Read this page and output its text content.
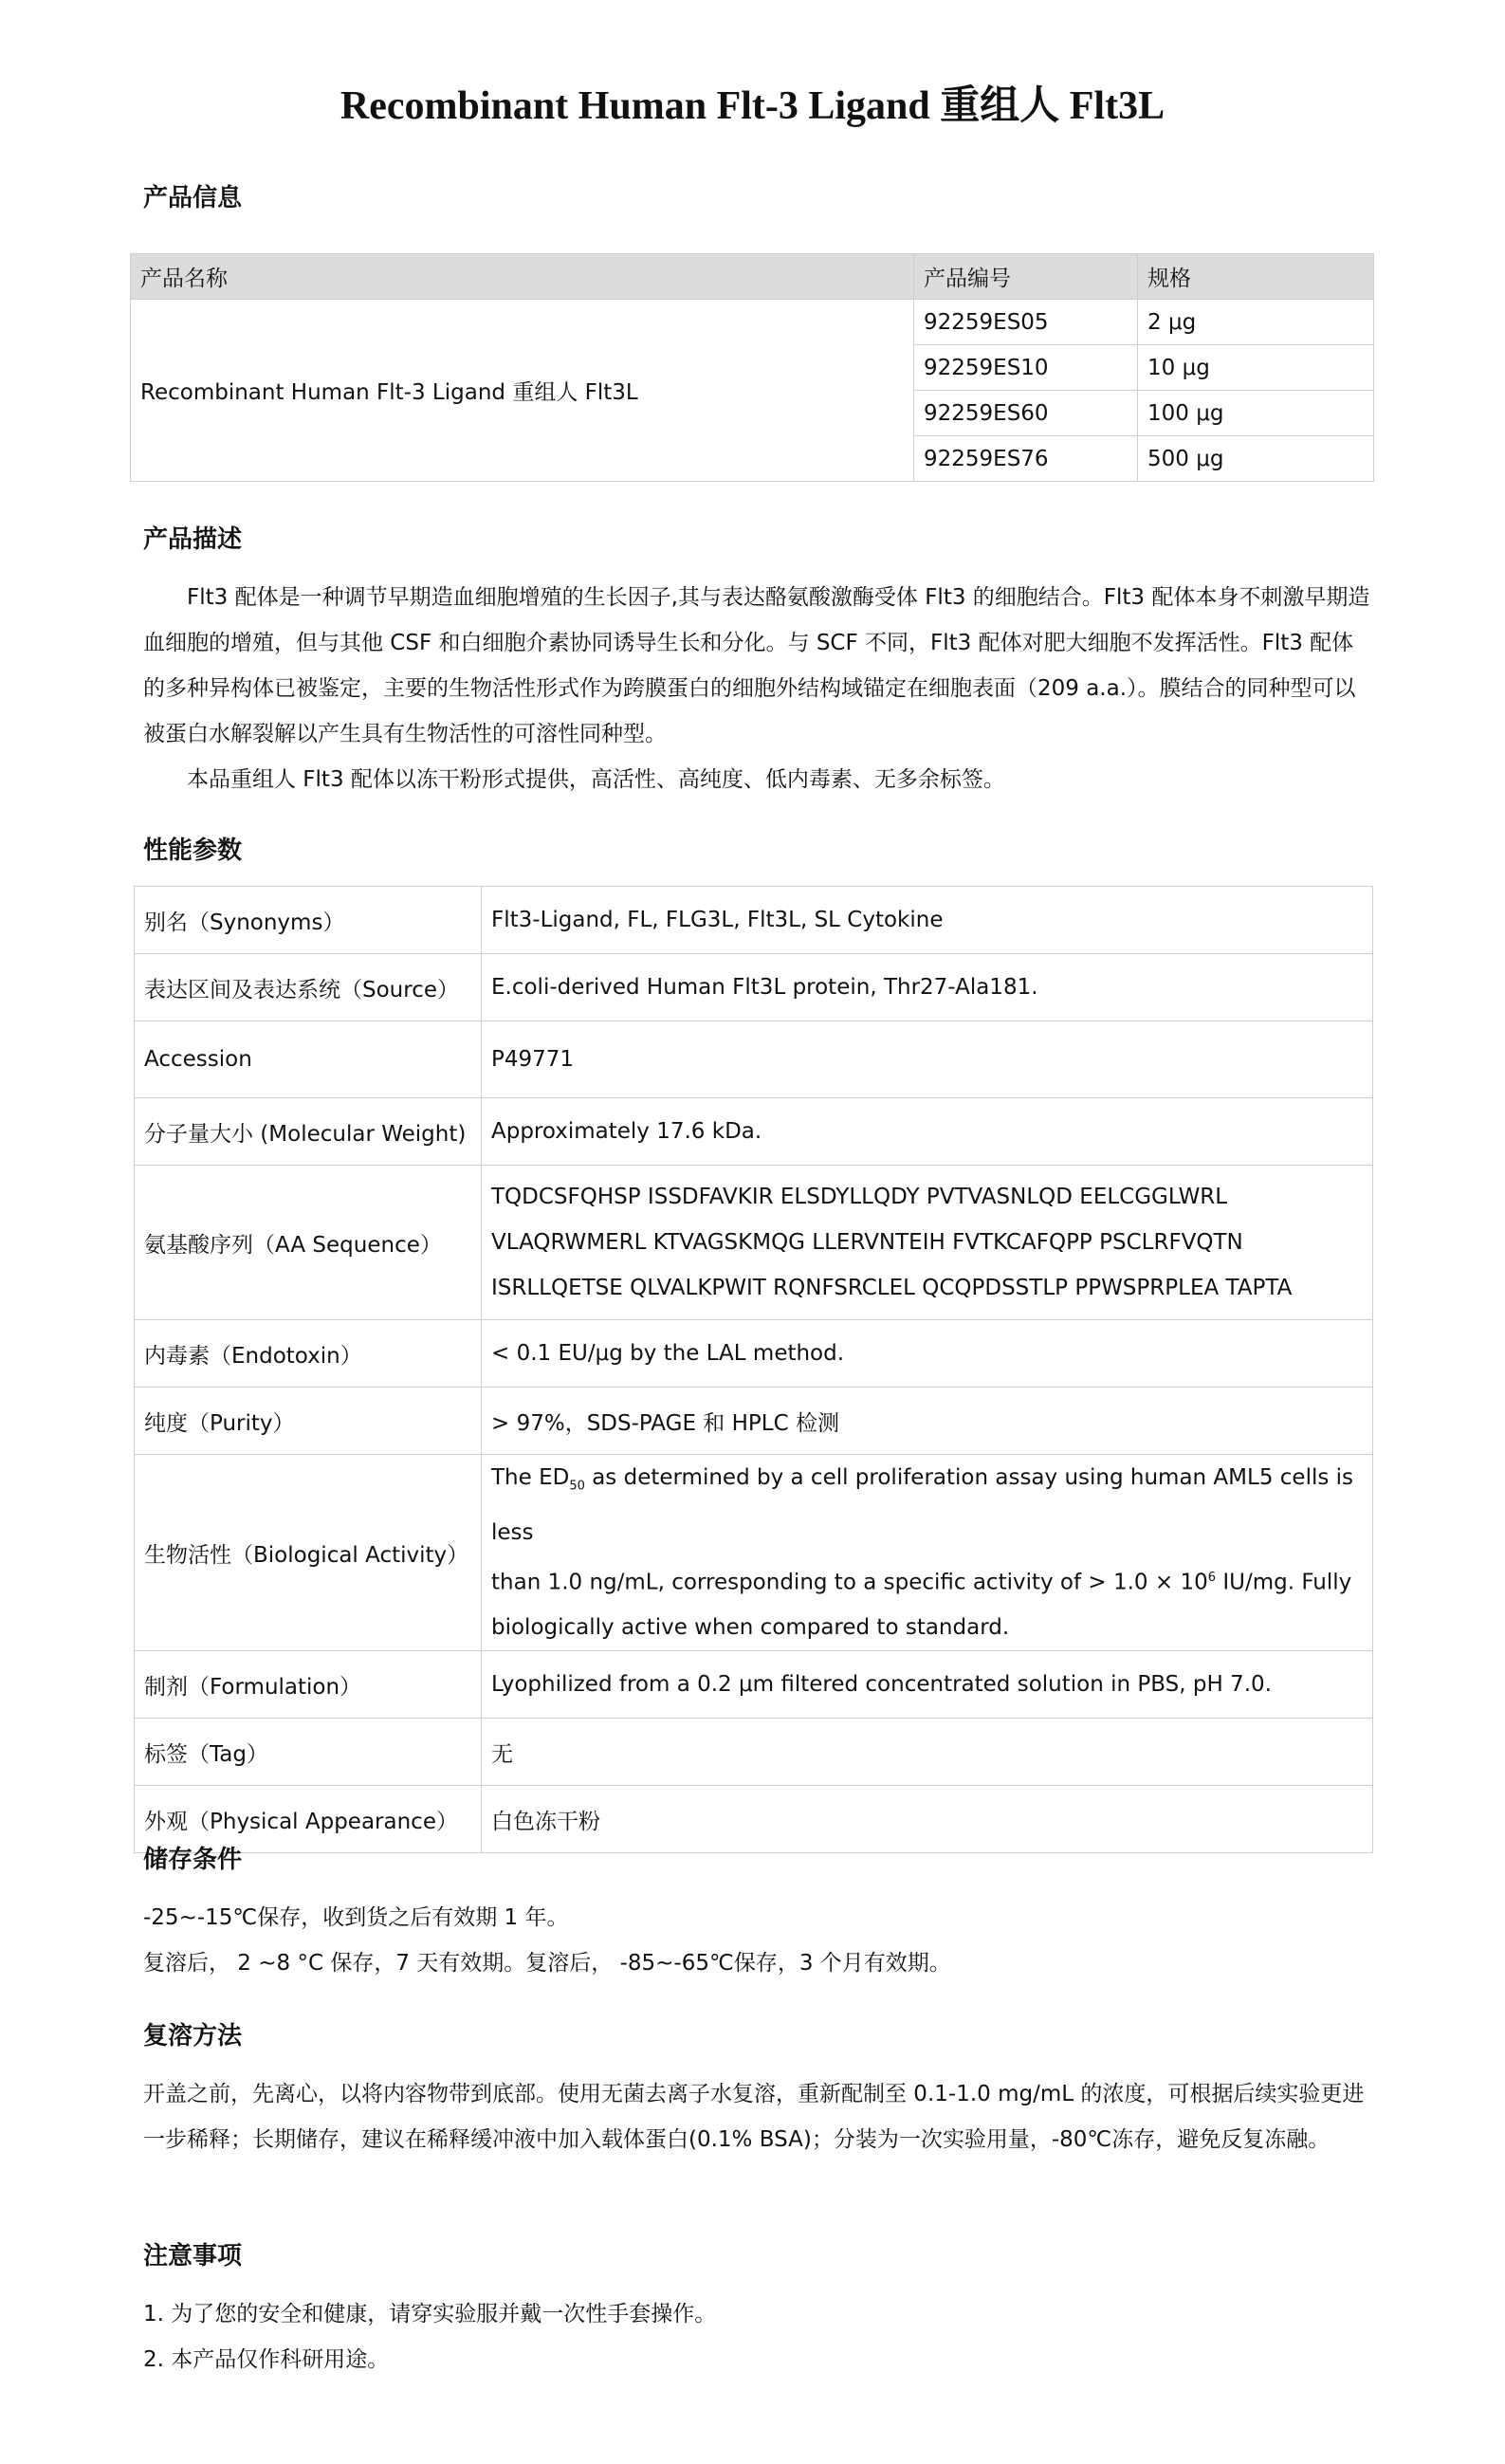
Recombinant Human Flt-3 Ligand 重组人 Flt3L
产品信息
产品名称	产品编号	规格
Recombinant Human Flt-3 Ligand 重组人 Flt3L	92259ES05	2 μg
	92259ES10	10 μg
	92259ES60	100 μg
	92259ES76	500 μg
产品描述

Flt3 配体是一种调节早期造血细胞增殖的生长因子,其与表达酪氨酸激酶受体 Flt3 的细胞结合。Flt3 配体本身不刺激早期造血细胞的增殖，但与其他 CSF 和白细胞介素协同诱导生长和分化。与 SCF 不同，Flt3 配体对肥大细胞不发挥活性。Flt3 配体的多种异构体已被鉴定，主要的生物活性形式作为跨膜蛋白的细胞外结构域锚定在细胞表面（209 a.a.）。膜结合的同种型可以被蛋白水解裂解以产生具有生物活性的可溶性同种型。

本品重组人 Flt3 配体以冻干粉形式提供，高活性、高纯度、低内毒素、无多余标签。

性能参数
别名（Synonyms）	Flt3-Ligand, FL, FLG3L, Flt3L, SL Cytokine
表达区间及表达系统（Source）	E.coli-derived Human Flt3L protein, Thr27-Ala181.
Accession	P49771
分子量大小 (Molecular Weight)	Approximately 17.6 kDa.
氨基酸序列（AA Sequence）	TQDCSFQHSP ISSDFAVKIR ELSDYLLQDY PVTVASNLQD EELCGGLWRL
VLAQRWMERL KTVAGSKMQG LLERVNTEIH FVTKCAFQPP PSCLRFVQTN
ISRLLQETSE QLVALKPWIT RQNFSRCLEL QCQPDSSTLP PPWSPRPLEA TAPTA

内毒素（Endotoxin）	< 0.1 EU/μg by the LAL method.
纯度（Purity）	> 97%，SDS-PAGE 和 HPLC 检测
生物活性（Biological Activity）	The $ED_{50}$ as determined by a cell proliferation assay using human AML5 cells is less
than 1.0 ng/mL, corresponding to a specific activity of > $1.0 \times 10^6$ IU/mg. Fully
biologically active when compared to standard.

制剂（Formulation）	Lyophilized from a 0.2 μm filtered concentrated solution in PBS, pH 7.0.
标签（Tag）	无
外观（Physical Appearance）	白色冻干粉
储存条件

-25~-15℃保存，收到货之后有效期 1 年。

复溶后， 2 ~8 °C 保存，7 天有效期。复溶后， -85~-65℃保存，3 个月有效期。

复溶方法

开盖之前，先离心，以将内容物带到底部。使用无菌去离子水复溶，重新配制至 0.1-1.0 mg/mL 的浓度，可根据后续实验更进一步稀释；长期储存，建议在稀释缓冲液中加入载体蛋白(0.1% BSA)；分装为一次实验用量，-80℃冻存，避免反复冻融。

注意事项

1. 为了您的安全和健康，请穿实验服并戴一次性手套操作。

2. 本产品仅作科研用途。
